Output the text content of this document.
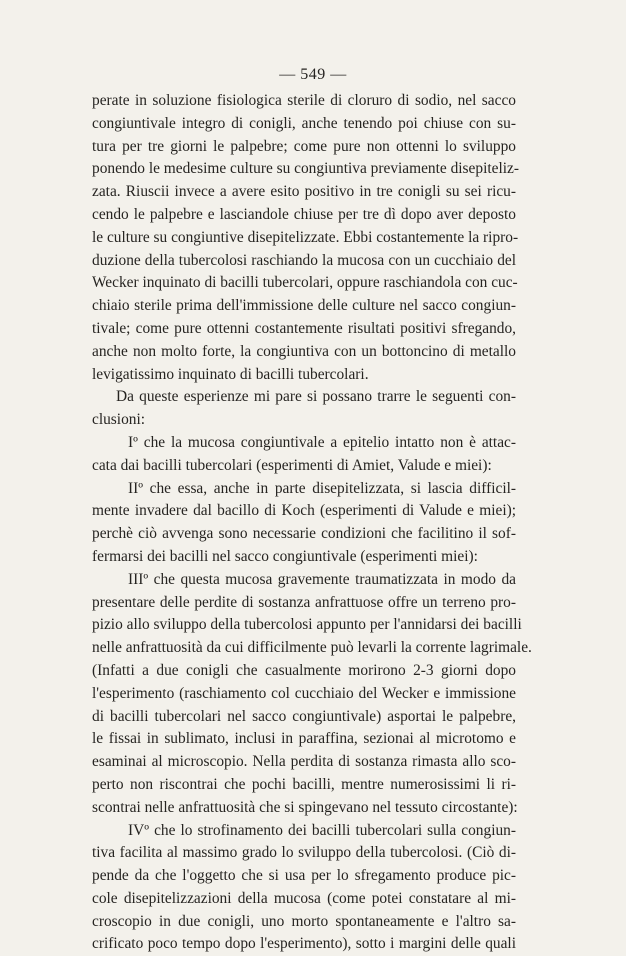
— 549 —
perate in soluzione fisiologica sterile di cloruro di sodio, nel sacco
congiuntivale integro di conigli, anche tenendo poi chiuse con su-
tura per tre giorni le palpebre; come pure non ottenni lo sviluppo
ponendo le medesime culture su congiuntiva previamente disepiteliz-
zata. Riuscii invece a avere esito positivo in tre conigli su sei ricu-
cendo le palpebre e lasciandole chiuse per tre dì dopo aver deposto
le culture su congiuntive disepitelizzate. Ebbi costantemente la ripro-
duzione della tubercolosi raschiando la mucosa con un cucchiaio del
Wecker inquinato di bacilli tubercolari, oppure raschiandola con cuc-
chiaio sterile prima dell'immissione delle culture nel sacco congiun-
tivale; come pure ottenni costantemente risultati positivi sfregando,
anche non molto forte, la congiuntiva con un bottoncino di metallo
levigatissimo inquinato di bacilli tubercolari.
Da queste esperienze mi pare si possano trarre le seguenti con-
clusioni:
Iº che la mucosa congiuntivale a epitelio intatto non è attac-
cata dai bacilli tubercolari (esperimenti di Amiet, Valude e miei):
IIº che essa, anche in parte disepitelizzata, si lascia difficil-
mente invadere dal bacillo di Koch (esperimenti di Valude e miei);
perchè ciò avvenga sono necessarie condizioni che facilitino il sof-
fermarsi dei bacilli nel sacco congiuntivale (esperimenti miei):
IIIº che questa mucosa gravemente traumatizzata in modo da
presentare delle perdite di sostanza anfrattuose offre un terreno pro-
pizio allo sviluppo della tubercolosi appunto per l'annidarsi dei bacilli
nelle anfrattuosità da cui difficilmente può levarli la corrente lagrimale.
(Infatti a due conigli che casualmente morirono 2-3 giorni dopo
l'esperimento (raschiamento col cucchiaio del Wecker e immissione
di bacilli tubercolari nel sacco congiuntivale) asportai le palpebre,
le fissai in sublimato, inclusi in paraffina, sezionai al microtomo e
esaminai al microscopio. Nella perdita di sostanza rimasta allo sco-
perto non riscontrai che pochi bacilli, mentre numerosissimi li ri-
scontrai nelle anfrattuosità che si spingevano nel tessuto circostante):
IVº che lo strofinamento dei bacilli tubercolari sulla congiun-
tiva facilita al massimo grado lo sviluppo della tubercolosi. (Ciò di-
pende da che l'oggetto che si usa per lo sfregamento produce pic-
cole disepitelizzazioni della mucosa (come potei constatare al mi-
croscopio in due conigli, uno morto spontaneamente e l'altro sa-
crificato poco tempo dopo l'esperimento), sotto i margini delle quali
